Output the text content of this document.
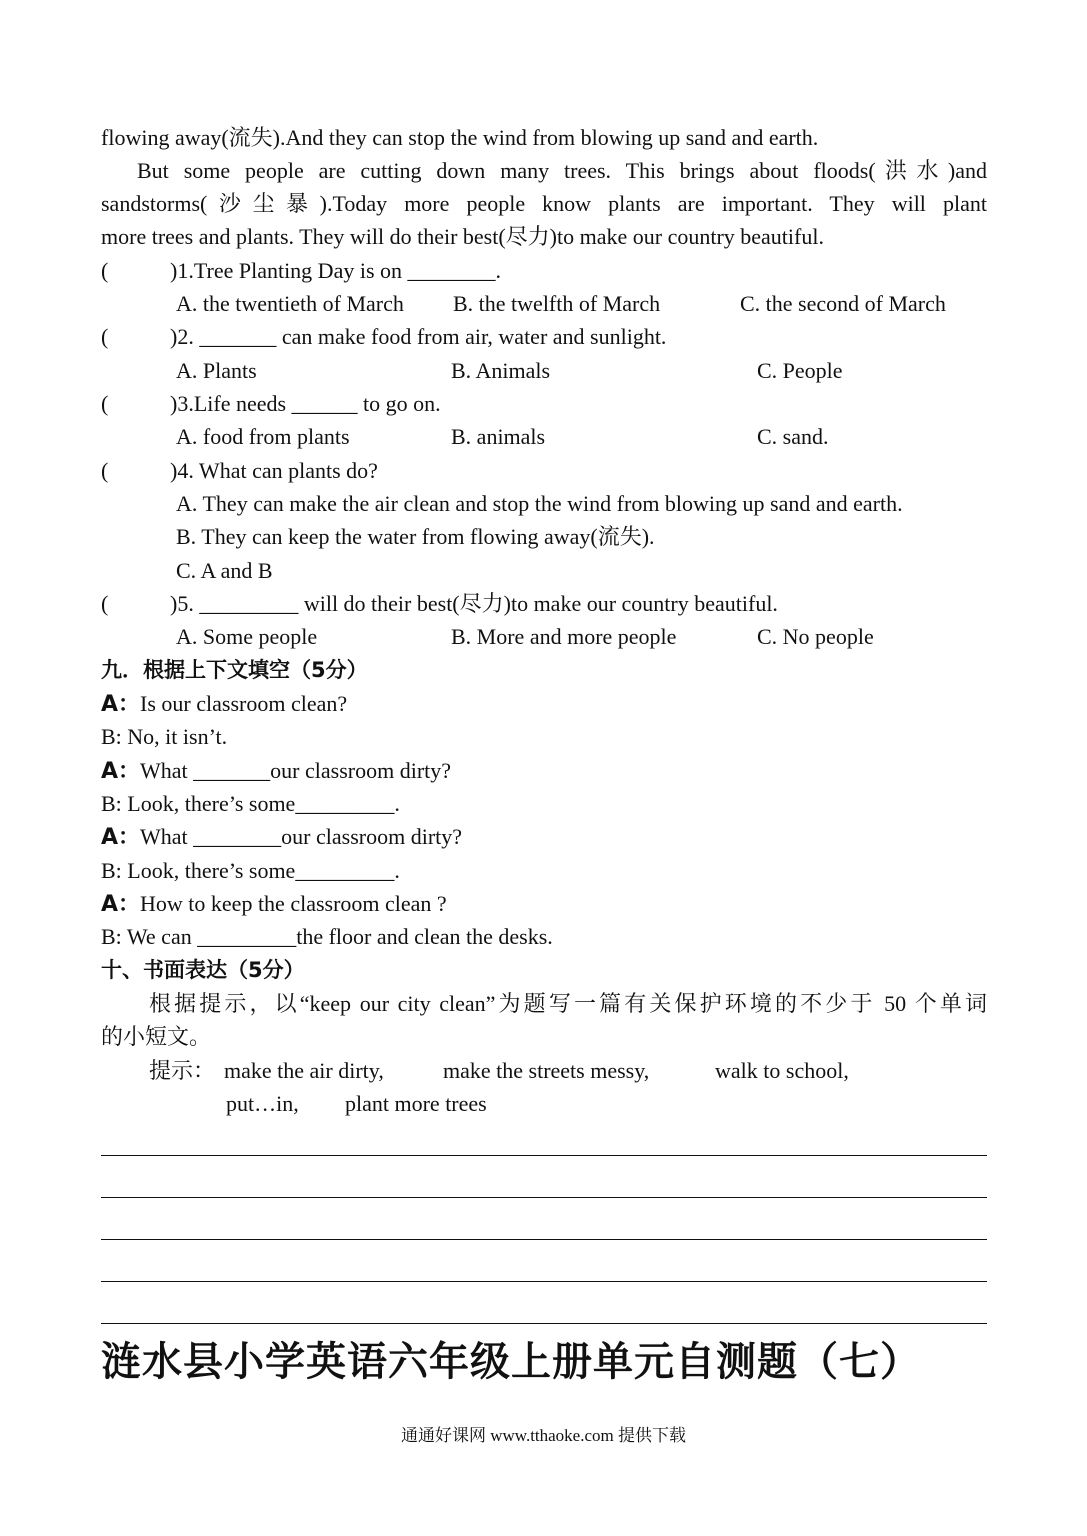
flowing away(流失).And they can stop the wind from blowing up sand and earth.
But some people are cutting down many trees. This brings about floods(洪水)and
sandstorms(沙尘暴).Today more people know plants are important. They will plant
more trees and plants. They will do their best(尽力)to make our country beautiful.
(	)1.Tree Planting Day is on ________.
A. the twentieth of March B. the twelfth of March	C. the second of March
(	)2. _______ can make food from air, water and sunlight.
A. Plants	B. Animals	C. People
(	)3.Life needs ______ to go on.
A. food from plants	B. animals	C. sand.
(	)4. What can plants do?
A. They can make the air clean and stop the wind from blowing up sand and earth.
B. They can keep the water from flowing away(流失).
C. A and B
(	)5. _________ will do their best(尽力)to make our country beautiful.
A. Some people	B. More and more people	C. No people
九．根据上下文填空（5分）
A：Is our classroom clean?
B: No, it isn’t.
A：What _______our classroom dirty?
B: Look, there’s some_________.
A：What ________our classroom dirty?
B: Look, there’s some_________.
A：How to keep the classroom clean ?
B: We can _________the floor and clean the desks.
十、书面表达（5分）
根据提示，以“keep our city clean”为题写一篇有关保护环境的不少于 50 个单词
的小短文。
提示： make the air dirty,	make the streets messy,	walk to school,
put…in, plant more trees
涟水县小学英语六年级上册单元自测题（七）
通通好课网 www.tthaoke.com 提供下载
